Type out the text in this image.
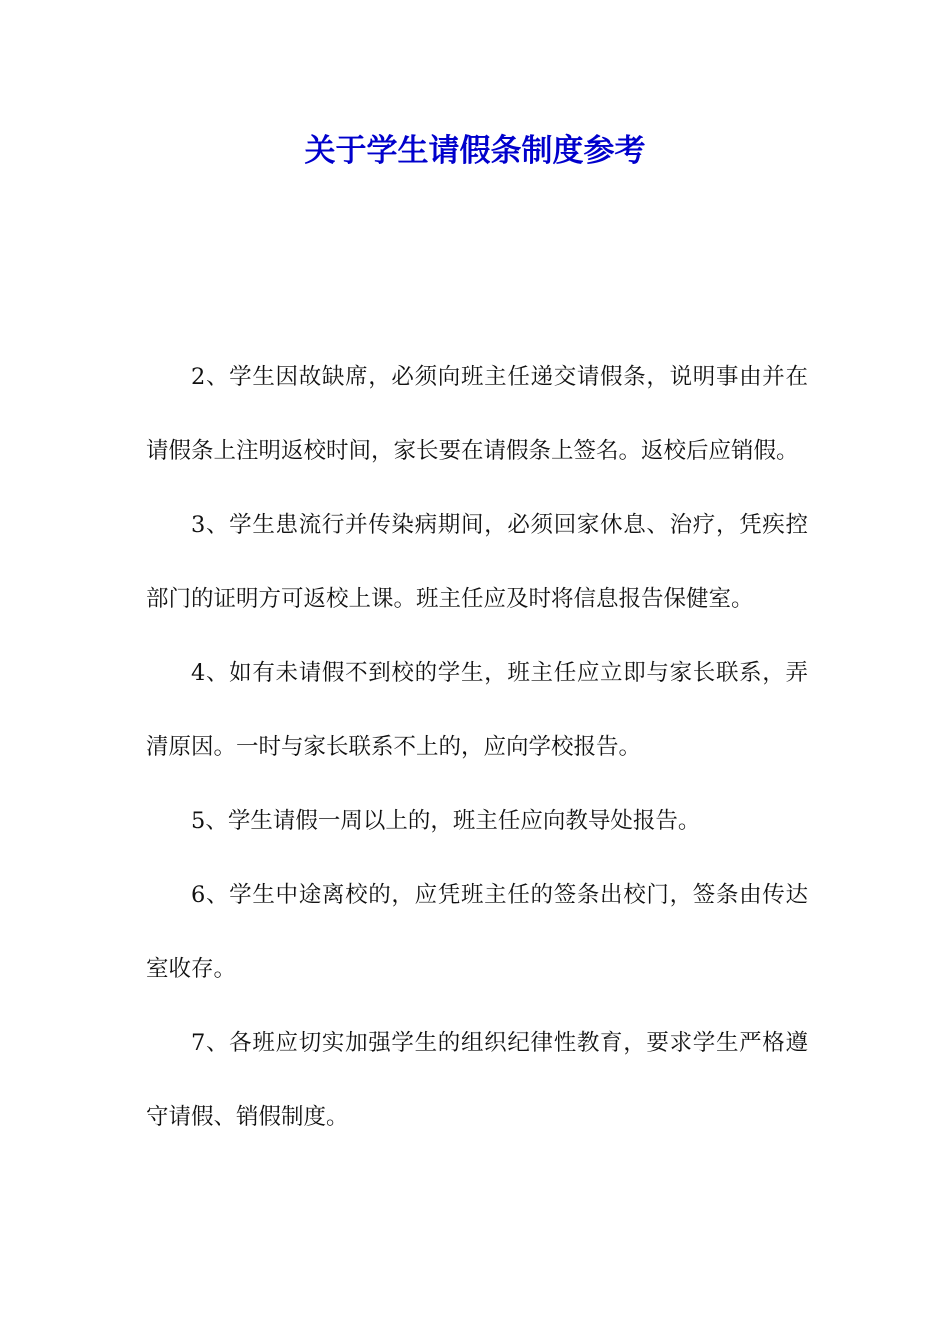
关于学生请假条制度参考

2、学生因故缺席，必须向班主任递交请假条，说明事由并在请假条上注明返校时间，家长要在请假条上签名。返校后应销假。

3、学生患流行并传染病期间，必须回家休息、治疗，凭疾控部门的证明方可返校上课。班主任应及时将信息报告保健室。

4、如有未请假不到校的学生，班主任应立即与家长联系，弄清原因。一时与家长联系不上的，应向学校报告。

5、学生请假一周以上的，班主任应向教导处报告。

6、学生中途离校的，应凭班主任的签条出校门，签条由传达室收存。

7、各班应切实加强学生的组织纪律性教育，要求学生严格遵守请假、销假制度。
